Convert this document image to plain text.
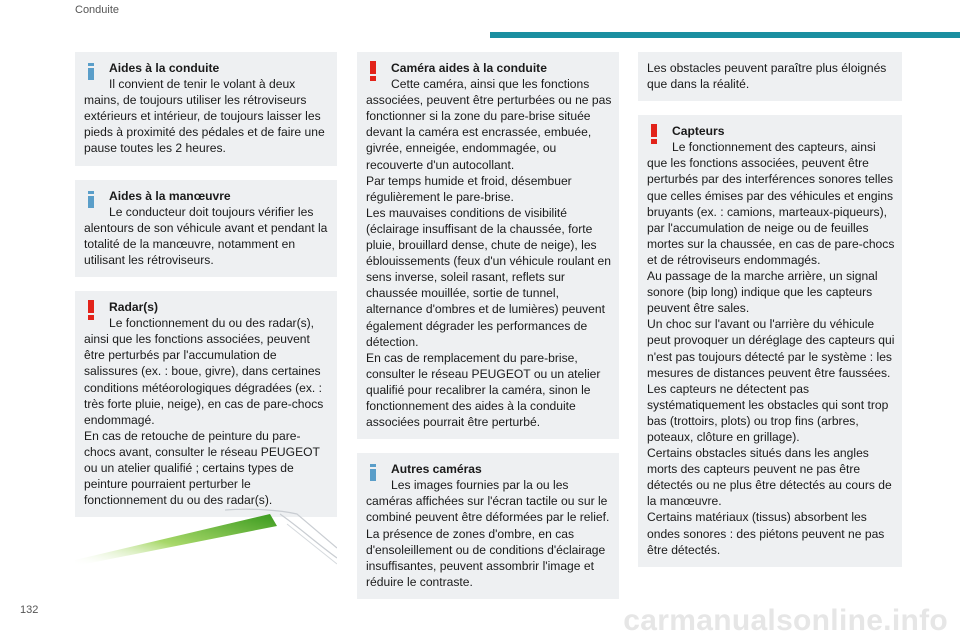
Conduite
Aides à la conduite
Il convient de tenir le volant à deux
mains, de toujours utiliser les rétroviseurs extérieurs et intérieur, de toujours laisser les pieds à proximité des pédales et de faire une pause toutes les 2 heures.
Aides à la manœuvre
Le conducteur doit toujours vérifier les
alentours de son véhicule avant et pendant la totalité de la manœuvre, notamment en utilisant les rétroviseurs.
Radar(s)
Le fonctionnement du ou des radar(s),
ainsi que les fonctions associées, peuvent être perturbés par l'accumulation de salissures (ex. : boue, givre), dans certaines conditions météorologiques dégradées (ex. : très forte pluie, neige), en cas de pare-chocs endommagé.
En cas de retouche de peinture du pare-chocs avant, consulter le réseau PEUGEOT ou un atelier qualifié ; certains types de peinture pourraient perturber le fonctionnement du ou des radar(s).
Caméra aides à la conduite
Cette caméra, ainsi que les fonctions
associées, peuvent être perturbées ou ne pas fonctionner si la zone du pare-brise située devant la caméra est encrassée, embuée, givrée, enneigée, endommagée, ou recouverte d'un autocollant.
Par temps humide et froid, désembuer régulièrement le pare-brise.
Les mauvaises conditions de visibilité (éclairage insuffisant de la chaussée, forte pluie, brouillard dense, chute de neige), les éblouissements (feux d'un véhicule roulant en sens inverse, soleil rasant, reflets sur chaussée mouillée, sortie de tunnel, alternance d'ombres et de lumières) peuvent également dégrader les performances de détection.
En cas de remplacement du pare-brise, consulter le réseau PEUGEOT ou un atelier qualifié pour recalibrer la caméra, sinon le fonctionnement des aides à la conduite associées pourrait être perturbé.
Autres caméras
Les images fournies par la ou les
caméras affichées sur l'écran tactile ou sur le combiné peuvent être déformées par le relief.
La présence de zones d'ombre, en cas d'ensoleillement ou de conditions d'éclairage insuffisantes, peuvent assombrir l'image et réduire le contraste.
Les obstacles peuvent paraître plus éloignés que dans la réalité.
Capteurs
Le fonctionnement des capteurs, ainsi
que les fonctions associées, peuvent être perturbés par des interférences sonores telles que celles émises par des véhicules et engins bruyants (ex. : camions, marteaux-piqueurs), par l'accumulation de neige ou de feuilles mortes sur la chaussée, en cas de pare-chocs et de rétroviseurs endommagés.
Au passage de la marche arrière, un signal sonore (bip long) indique que les capteurs peuvent être sales.
Un choc sur l'avant ou l'arrière du véhicule peut provoquer un déréglage des capteurs qui n'est pas toujours détecté par le système : les mesures de distances peuvent être faussées.
Les capteurs ne détectent pas systématiquement les obstacles qui sont trop bas (trottoirs, plots) ou trop fins (arbres, poteaux, clôture en grillage).
Certains obstacles situés dans les angles morts des capteurs peuvent ne pas être détectés ou ne plus être détectés au cours de la manœuvre.
Certains matériaux (tissus) absorbent les ondes sonores : des piétons peuvent ne pas être détectés.
132	carmanualsonline.info
